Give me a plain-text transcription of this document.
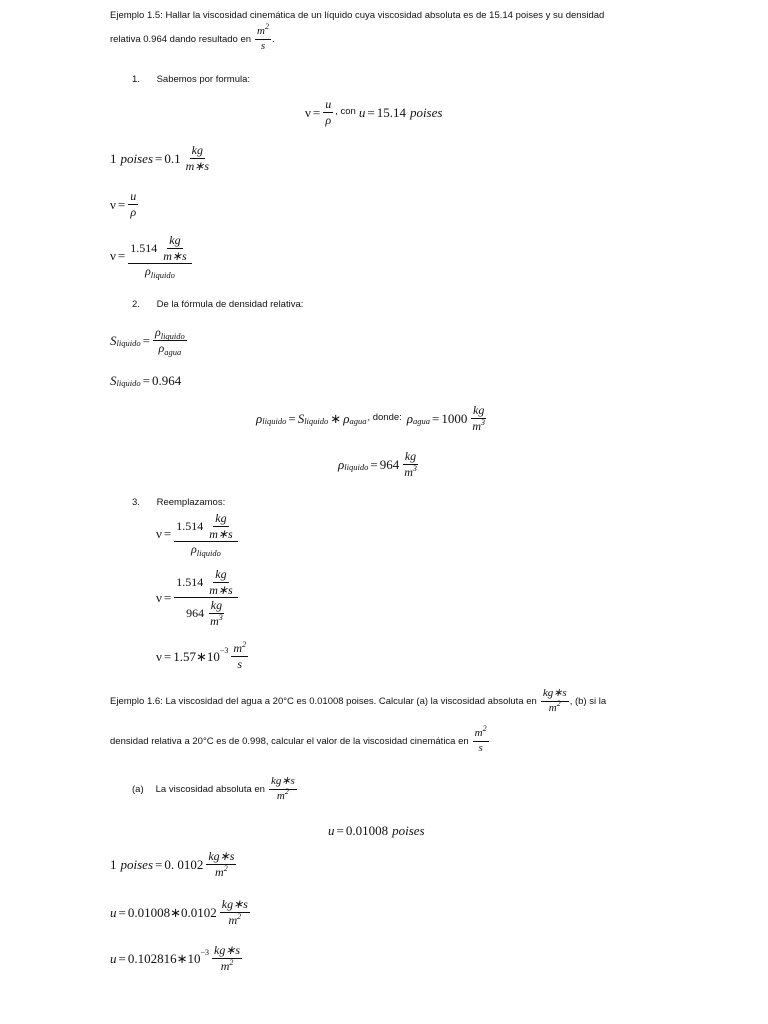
Ejemplo 1.5: Hallar la viscosidad cinemática de un líquido cuya viscosidad absoluta es de 15.14 poises y su densidad
relativa 0.964 dando resultado en $\frac{m^2}{s}$ .
1. Sabemos por formula:
$\nu = \frac{u}{\rho}$ , con u = 15.14 poises
1 poises = $0.1 \frac{kg}{m∗s}$
$\nu = \frac{u}{\rho}$
$\nu = \frac{1.514 \frac{kg}{m∗s}}{\rho_{liquido}}$
2. De la fórmula de densidad relativa:
S liquido = $\frac{\rho_{liquido}}{\rho_{agua}}$
S liquido = 0.964
ρ liquido = S liquido ∗ ρ agua , donde: ρ agua = $1000 \frac{kg}{m^3}$
ρ liquido = $964 \frac{kg}{m^3}$
3. Reemplazamos:
$\nu = \frac{1.514 \frac{kg}{m∗s}}{\rho_{liquido}}$
$\nu = \frac{1.514 \frac{kg}{m∗s}}{964 \frac{kg}{m^3}}$
ν = 1.57 ∗ $10 -3 \frac{m^2}{s}$
Ejemplo 1.6: La viscosidad del agua a 20°C es 0.01008 poises. Calcular (a) la viscosidad absoluta en $\frac{kg∗s}{m^2}$ , (b) si la
densidad relativa a 20°C es de 0.998, calcular el valor de la viscosidad cinemática en $\frac{m^2}{s}$
(a) La viscosidad absoluta en $\frac{kg∗s}{m^2}$
u = 0.01008 poises
1 poises = 0. $0102 \frac{kg∗s}{m^2}$
u = 0.01008∗0.0102 $\frac{kg∗s}{m^2}$
u = 0.102816∗10 $-3 \frac{kg∗s}{m^2}$
